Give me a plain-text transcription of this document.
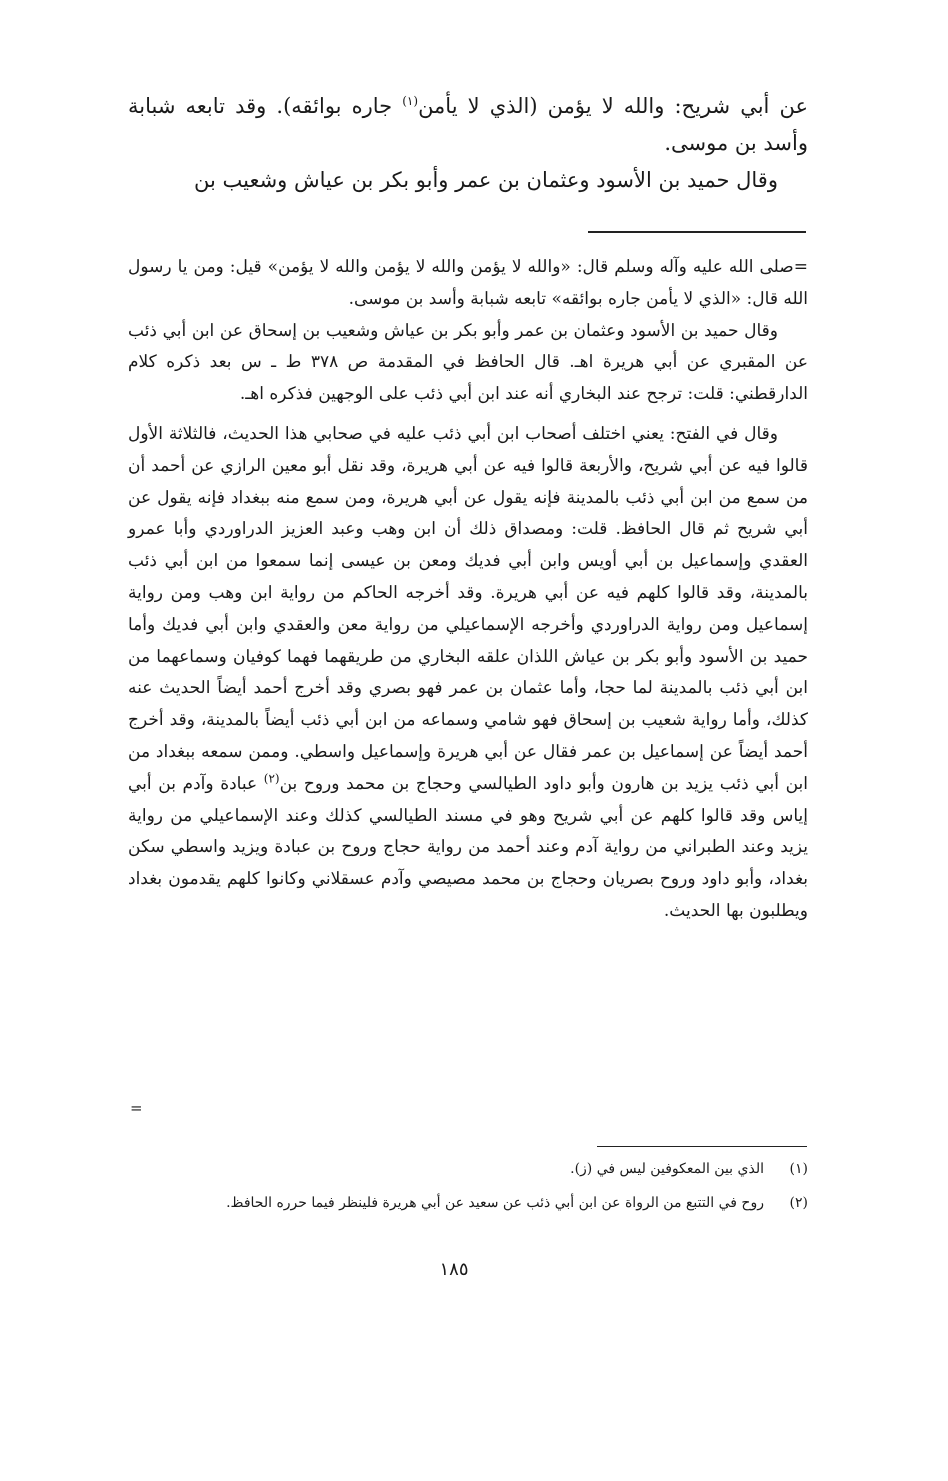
عن أبي شريح: والله لا يؤمن (الذي لا يأمن$^{(١)}$ جاره بوائقه). وقد تابعه شبابة وأسد بن موسى.

وقال حميد بن الأسود وعثمان بن عمر وأبو بكر بن عياش وشعيب بن

=صلى الله عليه وآله وسلم قال: «والله لا يؤمن والله لا يؤمن والله لا يؤمن» قيل: ومن يا رسول الله قال: «الذي لا يأمن جاره بوائقه» تابعه شبابة وأسد بن موسى.

وقال حميد بن الأسود وعثمان بن عمر وأبو بكر بن عياش وشعيب بن إسحاق عن ابن أبي ذئب عن المقبري عن أبي هريرة اهـ. قال الحافظ في المقدمة ص ٣٧٨ ط ـ س بعد ذكره كلام الدارقطني: قلت: ترجح عند البخاري أنه عند ابن أبي ذئب على الوجهين فذكره اهـ.

وقال في الفتح: يعني اختلف أصحاب ابن أبي ذئب عليه في صحابي هذا الحديث، فالثلاثة الأول قالوا فيه عن أبي شريح، والأربعة قالوا فيه عن أبي هريرة، وقد نقل أبو معين الرازي عن أحمد أن من سمع من ابن أبي ذئب بالمدينة فإنه يقول عن أبي هريرة، ومن سمع منه ببغداد فإنه يقول عن أبي شريح ثم قال الحافظ. قلت: ومصداق ذلك أن ابن وهب وعبد العزيز الدراوردي وأبا عمرو العقدي وإسماعيل بن أبي أويس وابن أبي فديك ومعن بن عيسى إنما سمعوا من ابن أبي ذئب بالمدينة، وقد قالوا كلهم فيه عن أبي هريرة. وقد أخرجه الحاكم من رواية ابن وهب ومن رواية إسماعيل ومن رواية الدراوردي وأخرجه الإسماعيلي من رواية معن والعقدي وابن أبي فديك وأما حميد بن الأسود وأبو بكر بن عياش اللذان علقه البخاري من طريقهما فهما كوفيان وسماعهما من ابن أبي ذئب بالمدينة لما حجا، وأما عثمان بن عمر فهو بصري وقد أخرج أحمد أيضاً الحديث عنه كذلك، وأما رواية شعيب بن إسحاق فهو شامي وسماعه من ابن أبي ذئب أيضاً بالمدينة، وقد أخرج أحمد أيضاً عن إسماعيل بن عمر فقال عن أبي هريرة وإسماعيل واسطي. وممن سمعه ببغداد من ابن أبي ذئب يزيد بن هارون وأبو داود الطيالسي وحجاج بن محمد وروح بن$^{(٢)}$ عبادة وآدم بن أبي إياس وقد قالوا كلهم عن أبي شريح وهو في مسند الطيالسي كذلك وعند الإسماعيلي من رواية يزيد وعند الطبراني من رواية آدم وعند أحمد من رواية حجاج وروح بن عبادة ويزيد واسطي سكن بغداد، وأبو داود وروح بصريان وحجاج بن محمد مصيصي وآدم عسقلاني وكانوا كلهم يقدمون بغداد ويطلبون بها الحديث.

=
(١)الذي بين المعكوفين ليس في (ز).
(٢)روح في التتبع من الرواة عن ابن أبي ذئب عن سعيد عن أبي هريرة فلينظر فيما حرره الحافظ.
١٨٥
